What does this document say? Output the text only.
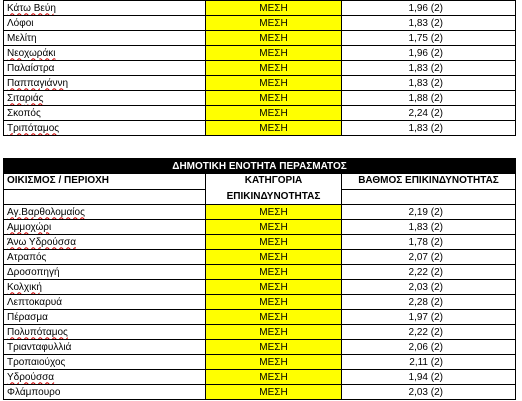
Κάτω Βεύη	ΜΕΣΗ	1,96 (2)
Λόφοι	ΜΕΣΗ	1,83 (2)
Μελίτη	ΜΕΣΗ	1,75 (2)
Νεοχωράκι	ΜΕΣΗ	1,96 (2)
Παλαίστρα	ΜΕΣΗ	1,83 (2)
Παππαγιάννη	ΜΕΣΗ	1,83 (2)
Σιταριάς	ΜΕΣΗ	1,88 (2)
Σκοπός	ΜΕΣΗ	2,24 (2)
Τριπόταμος	ΜΕΣΗ	1,83 (2)
ΔΗΜΟΤΙΚΗ ΕΝΟΤΗΤΑ ΠΕΡΑΣΜΑΤΟΣ		
ΟΙΚΙΣΜΟΣ / ΠΕΡΙΟΧΗ	ΚΑΤΗΓΟΡΙΑ	ΒΑΘΜΟΣ ΕΠΙΚΙΝΔΥΝΟΤΗΤΑΣ
	ΕΠΙΚΙΝΔΥΝΟΤΗΤΑΣ	
Αγ.Βαρθολομαίος	ΜΕΣΗ	2,19 (2)
Αμμοχώρι	ΜΕΣΗ	1,83 (2)
Άνω Υδρούσσα	ΜΕΣΗ	1,78 (2)
Ατραπός	ΜΕΣΗ	2,07 (2)
Δροσοπηγή	ΜΕΣΗ	2,22 (2)
Κολχική	ΜΕΣΗ	2,03 (2)
Λεπτοκαρυά	ΜΕΣΗ	2,28 (2)
Πέρασμα	ΜΕΣΗ	1,97 (2)
Πολυπόταμος	ΜΕΣΗ	2,22 (2)
Τριανταφυλλιά	ΜΕΣΗ	2,06 (2)
Τροπαιούχος	ΜΕΣΗ	2,11 (2)
Υδρούσσα	ΜΕΣΗ	1,94 (2)
Φλάμπουρο	ΜΕΣΗ	2,03 (2)
